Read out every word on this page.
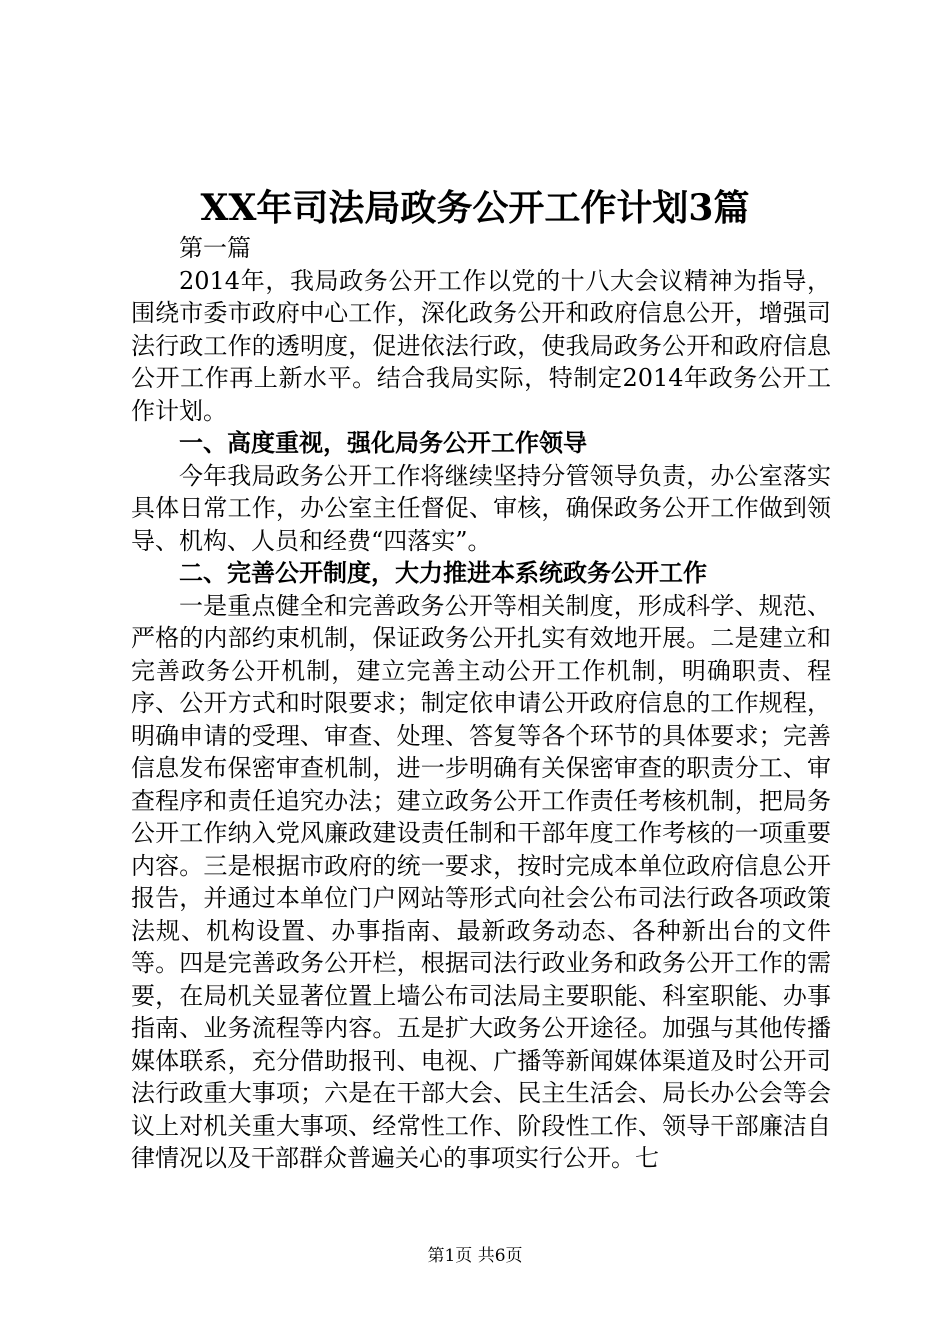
XX年司法局政务公开工作计划3篇

第一篇

2014年，我局政务公开工作以党的十八大会议精神为指导，围绕市委市政府中心工作，深化政务公开和政府信息公开，增强司法行政工作的透明度，促进依法行政，使我局政务公开和政府信息公开工作再上新水平。结合我局实际，特制定2014年政务公开工作计划。

一、高度重视，强化局务公开工作领导

今年我局政务公开工作将继续坚持分管领导负责，办公室落实具体日常工作，办公室主任督促、审核，确保政务公开工作做到领导、机构、人员和经费“四落实”。

二、完善公开制度，大力推进本系统政务公开工作

一是重点健全和完善政务公开等相关制度，形成科学、规范、严格的内部约束机制，保证政务公开扎实有效地开展。二是建立和完善政务公开机制，建立完善主动公开工作机制，明确职责、程序、公开方式和时限要求；制定依申请公开政府信息的工作规程，明确申请的受理、审查、处理、答复等各个环节的具体要求；完善信息发布保密审查机制，进一步明确有关保密审查的职责分工、审查程序和责任追究办法；建立政务公开工作责任考核机制，把局务公开工作纳入党风廉政建设责任制和干部年度工作考核的一项重要内容。三是根据市政府的统一要求，按时完成本单位政府信息公开报告，并通过本单位门户网站等形式向社会公布司法行政各项政策法规、机构设置、办事指南、最新政务动态、各种新出台的文件等。四是完善政务公开栏，根据司法行政业务和政务公开工作的需要，在局机关显著位置上墙公布司法局主要职能、科室职能、办事指南、业务流程等内容。五是扩大政务公开途径。加强与其他传播媒体联系，充分借助报刊、电视、广播等新闻媒体渠道及时公开司法行政重大事项；六是在干部大会、民主生活会、局长办公会等会议上对机关重大事项、经常性工作、阶段性工作、领导干部廉洁自律情况以及干部群众普遍关心的事项实行公开。七

第1页 共6页
